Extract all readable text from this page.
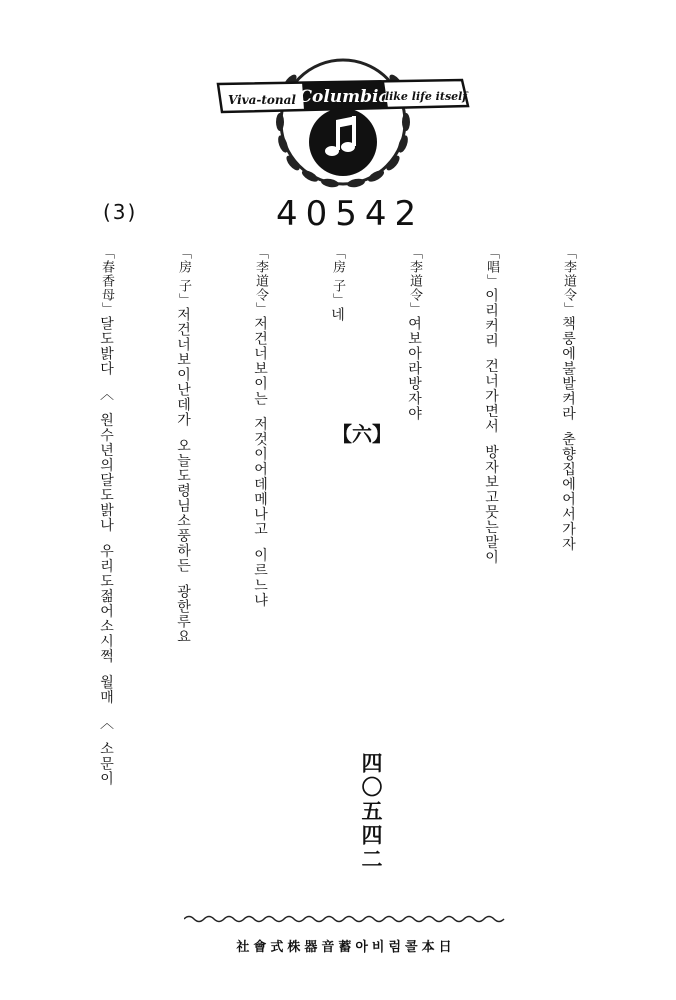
Columbia
Viva-tonal	like life itself
(3)	40542
「李道令」책룽에불발켜라  춘향집에어서가자
「唱」이리커리  건너가면서  방자보고뭇는말이
「李道令」여보아라방자야
「房 子」네
「李道令」저건너보이는  저것이어데메나고  이르느냐
「房 子」저건너보이난데가  오늘도령님소풍하든  광한루요
「春香母」달도밝다  〈  원수년의달도밝나  우리도젊어소시쩍  월매  〈  소문이	【六】
四〇五四二
社會式株器音蓄아비럼콜本日
